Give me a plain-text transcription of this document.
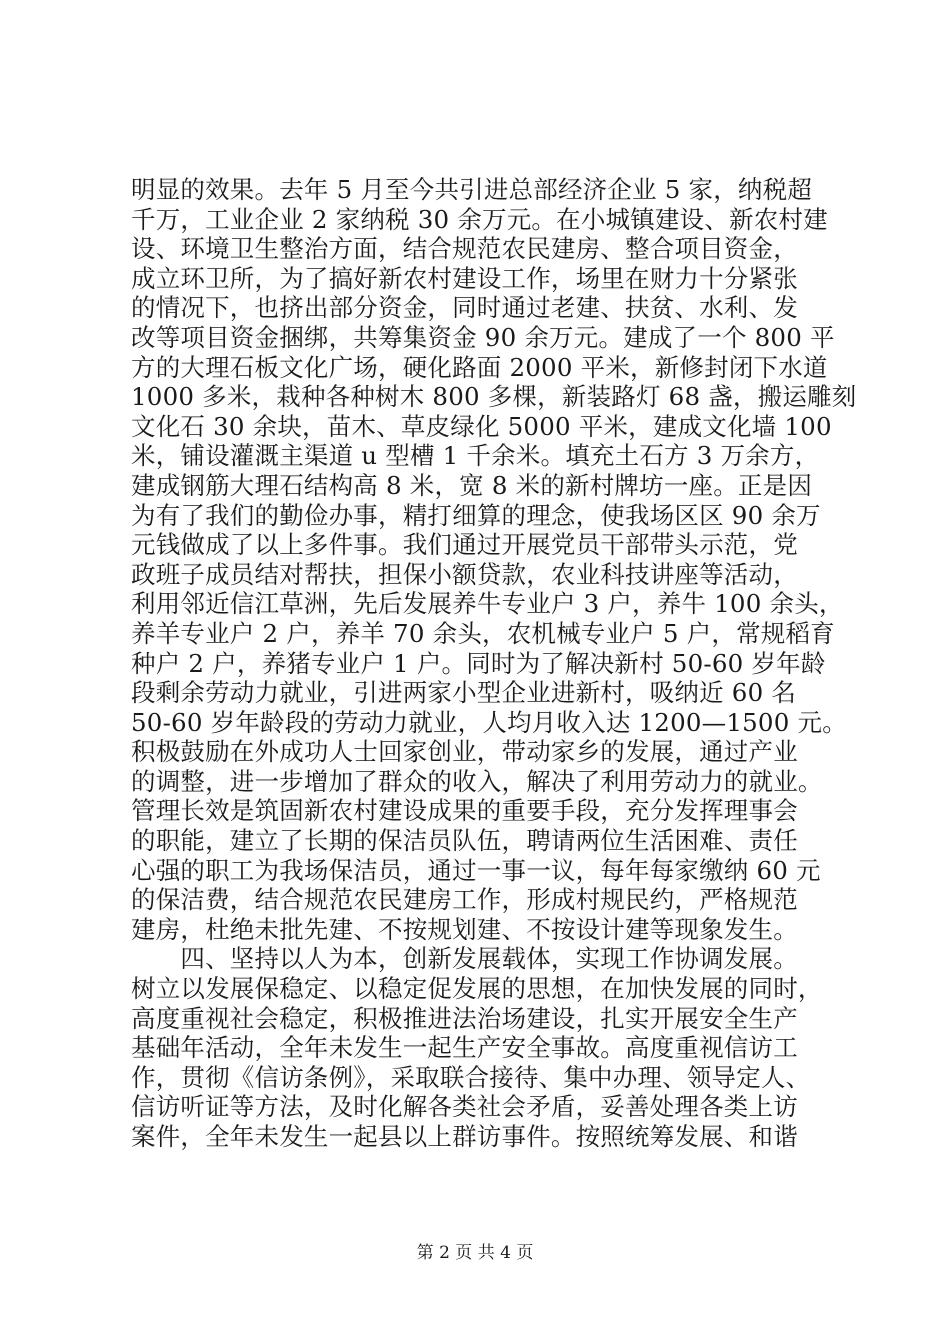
明显的效果。去年 5 月至今共引进总部经济企业 5 家，纳税超
千万，工业企业 2 家纳税 30 余万元。在小城镇建设、新农村建
设、环境卫生整治方面，结合规范农民建房、整合项目资金，
成立环卫所，为了搞好新农村建设工作，场里在财力十分紧张
的情况下，也挤出部分资金，同时通过老建、扶贫、水利、发
改等项目资金捆绑，共筹集资金 90 余万元。建成了一个 800 平
方的大理石板文化广场，硬化路面 2000 平米，新修封闭下水道
1000 多米，栽种各种树木 800 多棵，新装路灯 68 盏，搬运雕刻
文化石 30 余块，苗木、草皮绿化 5000 平米，建成文化墙 100
米，铺设灌溉主渠道 u 型槽 1 千余米。填充土石方 3 万余方，
建成钢筋大理石结构高 8 米，宽 8 米的新村牌坊一座。正是因
为有了我们的勤俭办事，精打细算的理念，使我场区区 90 余万
元钱做成了以上多件事。我们通过开展党员干部带头示范，党
政班子成员结对帮扶，担保小额贷款，农业科技讲座等活动，
利用邻近信江草洲，先后发展养牛专业户 3 户，养牛 100 余头，
养羊专业户 2 户，养羊 70 余头，农机械专业户 5 户，常规稻育
种户 2 户，养猪专业户 1 户。同时为了解决新村 50-60 岁年龄
段剩余劳动力就业，引进两家小型企业进新村，吸纳近 60 名
50-60 岁年龄段的劳动力就业，人均月收入达 1200—1500 元。
积极鼓励在外成功人士回家创业，带动家乡的发展，通过产业
的调整，进一步增加了群众的收入，解决了利用劳动力的就业。
管理长效是筑固新农村建设成果的重要手段，充分发挥理事会
的职能，建立了长期的保洁员队伍，聘请两位生活困难、责任
心强的职工为我场保洁员，通过一事一议，每年每家缴纳 60 元
的保洁费，结合规范农民建房工作，形成村规民约，严格规范
建房，杜绝未批先建、不按规划建、不按设计建等现象发生。
　　四、坚持以人为本，创新发展载体，实现工作协调发展。
树立以发展保稳定、以稳定促发展的思想，在加快发展的同时，
高度重视社会稳定，积极推进法治场建设，扎实开展安全生产
基础年活动，全年未发生一起生产安全事故。高度重视信访工
作，贯彻《信访条例》，采取联合接待、集中办理、领导定人、
信访听证等方法，及时化解各类社会矛盾，妥善处理各类上访
案件，全年未发生一起县以上群访事件。按照统筹发展、和谐
第 2 页 共 4 页
